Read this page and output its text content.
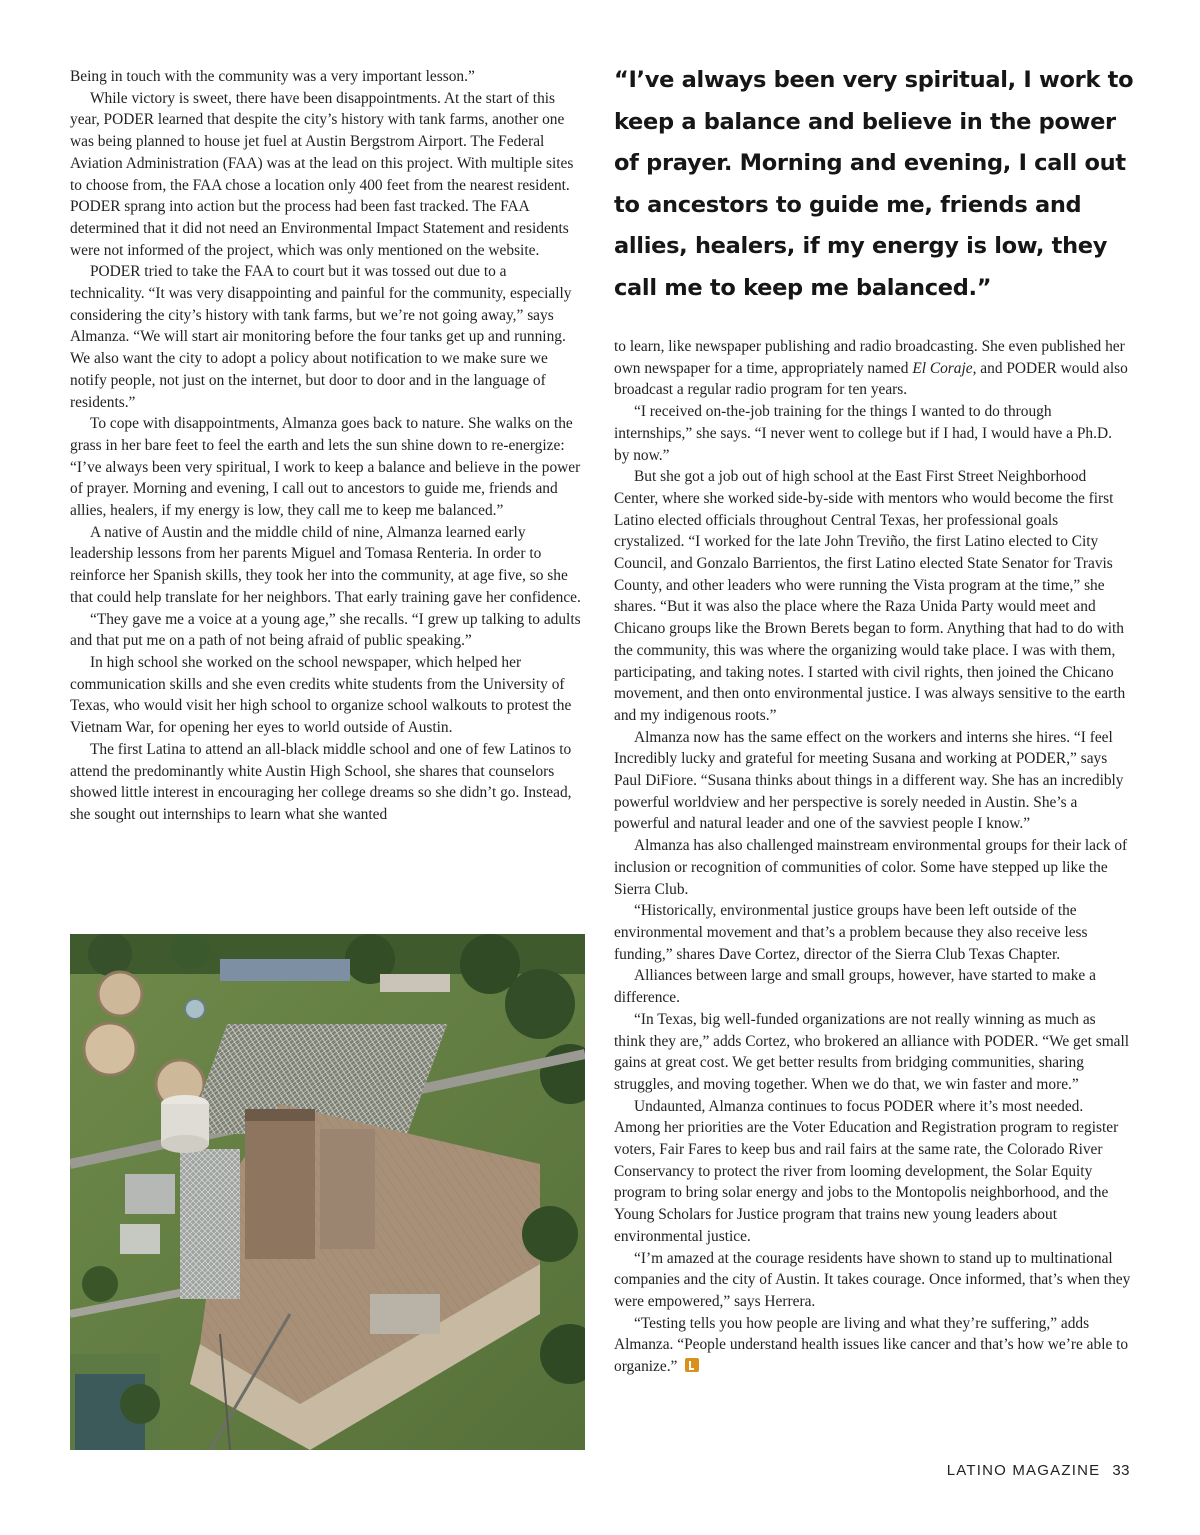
Being in touch with the community was a very important lesson.”

While victory is sweet, there have been disappointments. At the start of this year, PODER learned that despite the city’s history with tank farms, another one was being planned to house jet fuel at Austin Bergstrom Airport. The Federal Aviation Administration (FAA) was at the lead on this project. With multiple sites to choose from, the FAA chose a location only 400 feet from the nearest resident. PODER sprang into action but the process had been fast tracked. The FAA determined that it did not need an Environmental Impact Statement and residents were not informed of the project, which was only mentioned on the website.

PODER tried to take the FAA to court but it was tossed out due to a technicality. “It was very disappointing and painful for the community, especially considering the city’s history with tank farms, but we’re not going away,” says Almanza. “We will start air monitoring before the four tanks get up and running. We also want the city to adopt a policy about notification to we make sure we notify people, not just on the internet, but door to door and in the language of residents.”

To cope with disappointments, Almanza goes back to nature. She walks on the grass in her bare feet to feel the earth and lets the sun shine down to re-energize: “I’ve always been very spiritual, I work to keep a balance and believe in the power of prayer. Morning and evening, I call out to ancestors to guide me, friends and allies, healers, if my energy is low, they call me to keep me balanced.”

A native of Austin and the middle child of nine, Almanza learned early leadership lessons from her parents Miguel and Tomasa Renteria. In order to reinforce her Spanish skills, they took her into the community, at age five, so she that could help translate for her neighbors. That early training gave her confidence.

“They gave me a voice at a young age,” she recalls. “I grew up talking to adults and that put me on a path of not being afraid of public speaking.”

In high school she worked on the school newspaper, which helped her communication skills and she even credits white students from the University of Texas, who would visit her high school to organize school walkouts to protest the Vietnam War, for opening her eyes to world outside of Austin.

The first Latina to attend an all-black middle school and one of few Latinos to attend the predominantly white Austin High School, she shares that counselors showed little interest in encouraging her college dreams so she didn’t go. Instead, she sought out internships to learn what she wanted

“I’ve always been very spiritual, I work to keep a balance and believe in the power of prayer. Morning and evening, I call out to ancestors to guide me, friends and allies, healers, if my energy is low, they call me to keep me balanced.”

to learn, like newspaper publishing and radio broadcasting. She even published her own newspaper for a time, appropriately named El Coraje, and PODER would also broadcast a regular radio program for ten years.

“I received on-the-job training for the things I wanted to do through internships,” she says. “I never went to college but if I had, I would have a Ph.D. by now.”

But she got a job out of high school at the East First Street Neighborhood Center, where she worked side-by-side with mentors who would become the first Latino elected officials throughout Central Texas, her professional goals crystalized. “I worked for the late John Treviño, the first Latino elected to City Council, and Gonzalo Barrientos, the first Latino elected State Senator for Travis County, and other leaders who were running the Vista program at the time,” she shares. “But it was also the place where the Raza Unida Party would meet and Chicano groups like the Brown Berets began to form. Anything that had to do with the community, this was where the organizing would take place. I was with them, participating, and taking notes. I started with civil rights, then joined the Chicano movement, and then onto environmental justice. I was always sensitive to the earth and my indigenous roots.”

Almanza now has the same effect on the workers and interns she hires. “I feel Incredibly lucky and grateful for meeting Susana and working at PODER,” says Paul DiFiore. “Susana thinks about things in a different way. She has an incredibly powerful worldview and her perspective is sorely needed in Austin. She’s a powerful and natural leader and one of the savviest people I know.”

Almanza has also challenged mainstream environmental groups for their lack of inclusion or recognition of communities of color. Some have stepped up like the Sierra Club.

“Historically, environmental justice groups have been left outside of the environmental movement and that’s a problem because they also receive less funding,” shares Dave Cortez, director of the Sierra Club Texas Chapter.

Alliances between large and small groups, however, have started to make a difference.

“In Texas, big well-funded organizations are not really winning as much as think they are,” adds Cortez, who brokered an alliance with PODER. “We get small gains at great cost. We get better results from bridging communities, sharing struggles, and moving together. When we do that, we win faster and more.”

Undaunted, Almanza continues to focus PODER where it’s most needed. Among her priorities are the Voter Education and Registration program to register voters, Fair Fares to keep bus and rail fairs at the same rate, the Colorado River Conservancy to protect the river from looming development, the Solar Equity program to bring solar energy and jobs to the Montopolis neighborhood, and the Young Scholars for Justice program that trains new young leaders about environmental justice.

“I’m amazed at the courage residents have shown to stand up to multinational companies and the city of Austin. It takes courage. Once informed, that’s when they were empowered,” says Herrera.

“Testing tells you how people are living and what they’re suffering,” adds Almanza. “People understand health issues like cancer and that’s how we’re able to organize.”

LATINO MAGAZINE 33
